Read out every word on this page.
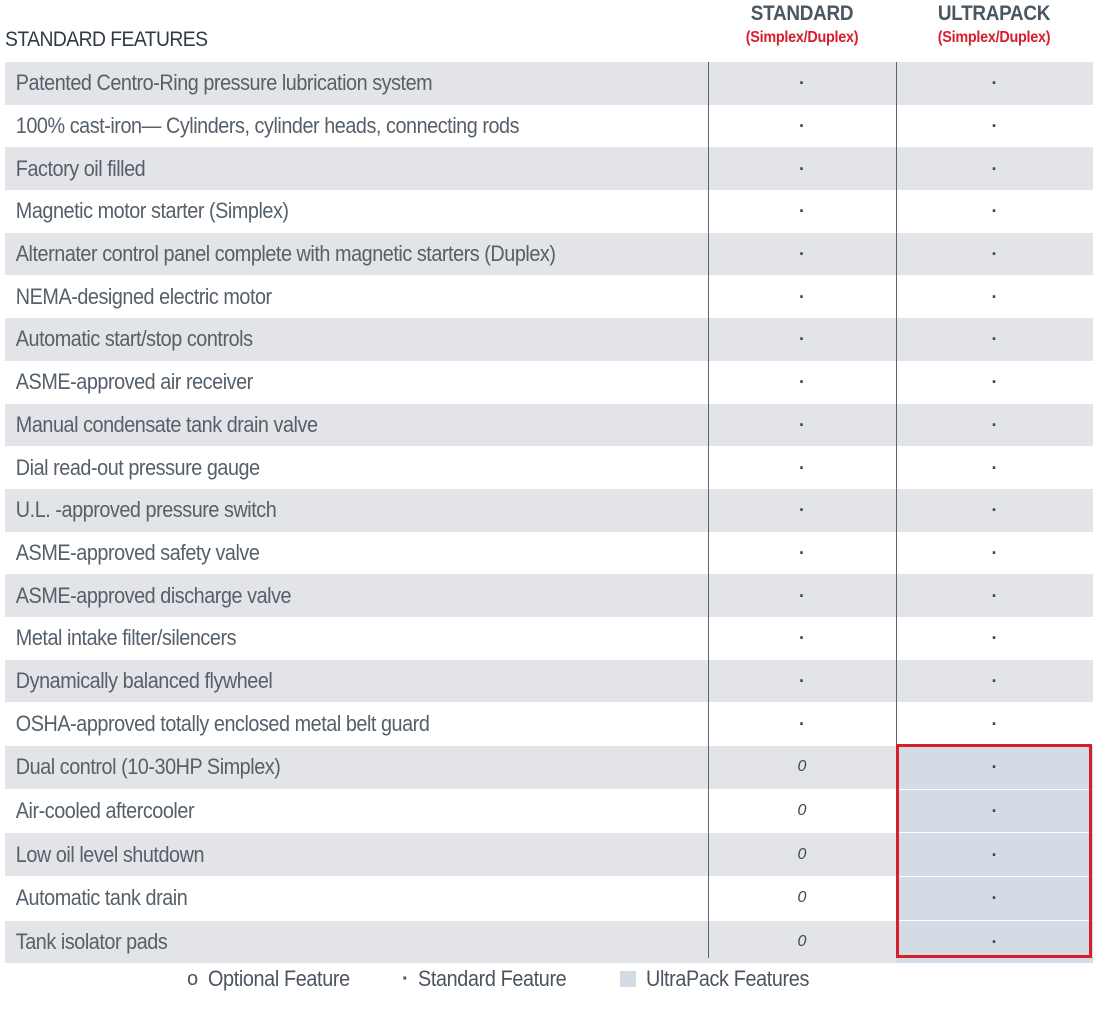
STANDARD FEATURES
STANDARD
(Simplex/Duplex)
ULTRAPACK
(Simplex/Duplex)
Patented Centro-Ring pressure lubrication system	·	·
100% cast-iron— Cylinders, cylinder heads, connecting rods	·	·
Factory oil filled	·	·
Magnetic motor starter (Simplex)	·	·
Alternater control panel complete with magnetic starters (Duplex)	·	·
NEMA-designed electric motor	·	·
Automatic start/stop controls	·	·
ASME-approved air receiver	·	·
Manual condensate tank drain valve	·	·
Dial read-out pressure gauge	·	·
U.L. -approved pressure switch	·	·
ASME-approved safety valve	·	·
ASME-approved discharge valve	·	·
Metal intake filter/silencers	·	·
Dynamically balanced flywheel	·	·
OSHA-approved totally enclosed metal belt guard	·	·
Dual control (10-30HP Simplex)	0	·
Air-cooled aftercooler	0	·
Low oil level shutdown	0	·
Automatic tank drain	0	·
Tank isolator pads	0	·
o Optional Feature	· Standard Feature	UltraPack Features
